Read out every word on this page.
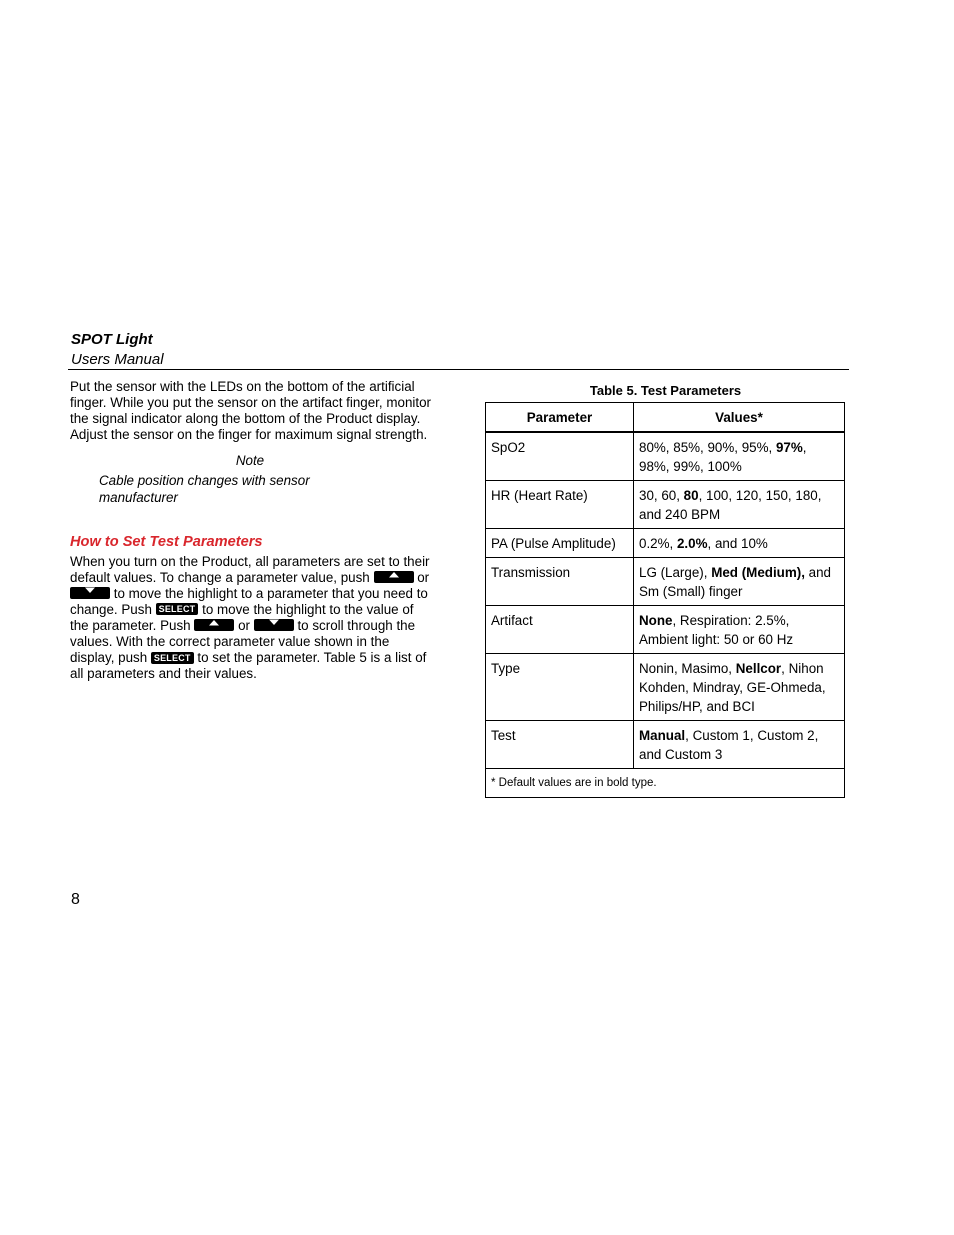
SPOT Light
Users Manual

Put the sensor with the LEDs on the bottom of the artificial finger. While you put the sensor on the artifact finger, monitor the signal indicator along the bottom of the Product display. Adjust the sensor on the finger for maximum signal strength.

Note

Cable position changes with sensor manufacturer

How to Set Test Parameters

When you turn on the Product, all parameters are set to their default values. To change a parameter value, push	or
to move the highlight to a parameter that you need to change. Push SELECT to move the highlight to the value of the parameter. Push	or	to scroll through the values. With the correct parameter value shown in the display, push SELECT to set the parameter. Table 5 is a list of all parameters and their values.

Table 5. Test Parameters
Parameter	Values*
SpO2	80%, 85%, 90%, 95%, 97%, 98%, 99%, 100%
HR (Heart Rate)	30, 60, 80, 100, 120, 150, 180, and 240 BPM
PA (Pulse Amplitude)	0.2%, 2.0%, and 10%
Transmission	LG (Large), Med (Medium), and Sm (Small) finger
Artifact	None, Respiration: 2.5%, Ambient light: 50 or 60 Hz
Type	Nonin, Masimo, Nellcor, Nihon Kohden, Mindray, GE-Ohmeda, Philips/HP, and BCI
Test	Manual, Custom 1, Custom 2, and Custom 3
* Default values are in bold type.	
8
